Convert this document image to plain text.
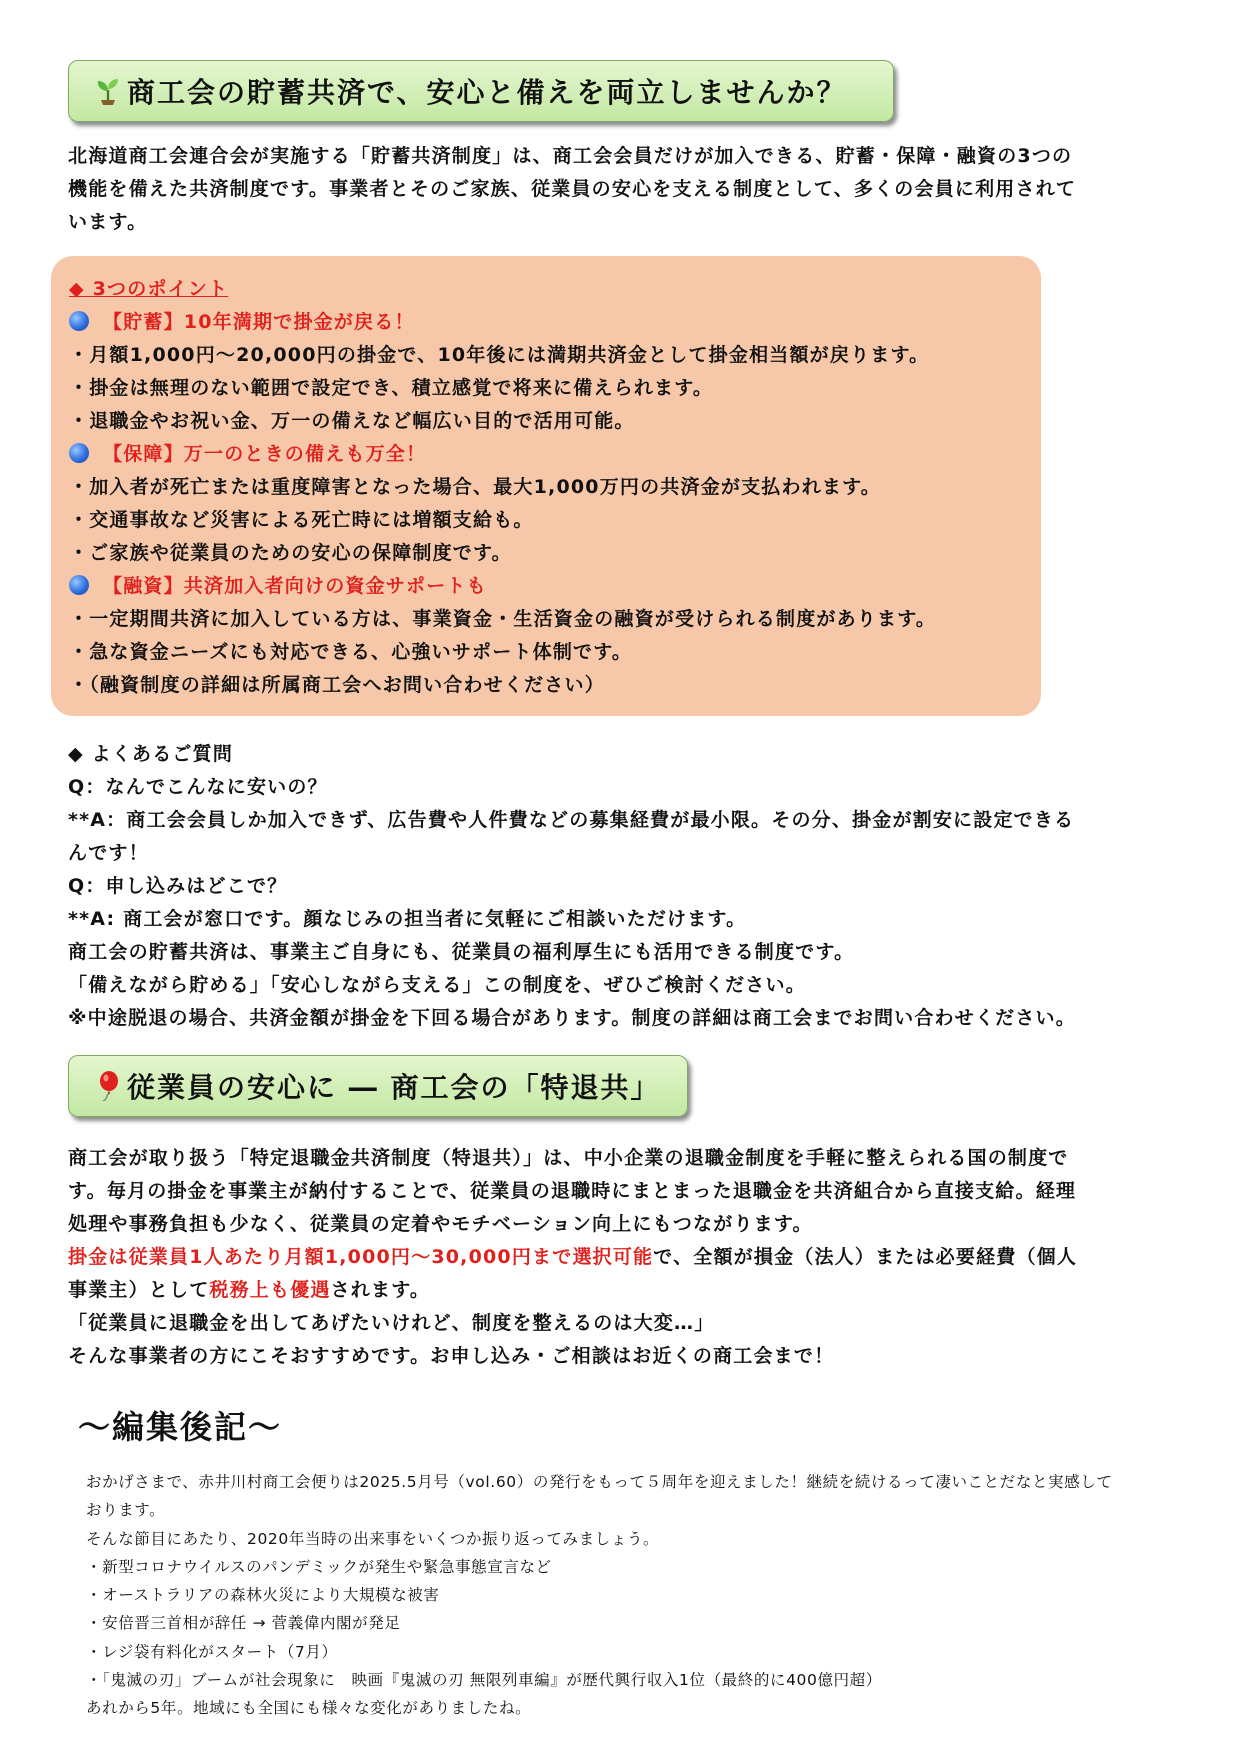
商工会の貯蓄共済で、安心と備えを両立しませんか？
北海道商工会連合会が実施する「貯蓄共済制度」は、商工会会員だけが加入できる、貯蓄・保障・融資の3つの
機能を備えた共済制度です。事業者とそのご家族、従業員の安心を支える制度として、多くの会員に利用されて
います。
◆ 3つのポイント
【貯蓄】10年満期で掛金が戻る！
・月額1,000円〜20,000円の掛金で、10年後には満期共済金として掛金相当額が戻ります。
・掛金は無理のない範囲で設定でき、積立感覚で将来に備えられます。
・退職金やお祝い金、万一の備えなど幅広い目的で活用可能。
【保障】万一のときの備えも万全！
・加入者が死亡または重度障害となった場合、最大1,000万円の共済金が支払われます。
・交通事故など災害による死亡時には増額支給も。
・ご家族や従業員のための安心の保障制度です。
【融資】共済加入者向けの資金サポートも
・一定期間共済に加入している方は、事業資金・生活資金の融資が受けられる制度があります。
・急な資金ニーズにも対応できる、心強いサポート体制です。
・（融資制度の詳細は所属商工会へお問い合わせください）
◆ よくあるご質問
Q：なんでこんなに安いの？
**A：商工会会員しか加入できず、広告費や人件費などの募集経費が最小限。その分、掛金が割安に設定できる
んです！
Q：申し込みはどこで？
**A: 商工会が窓口です。顔なじみの担当者に気軽にご相談いただけます。
商工会の貯蓄共済は、事業主ご自身にも、従業員の福利厚生にも活用できる制度です。
「備えながら貯める」「安心しながら支える」この制度を、ぜひご検討ください。
※中途脱退の場合、共済金額が掛金を下回る場合があります。制度の詳細は商工会までお問い合わせください。
従業員の安心に ― 商工会の「特退共」
商工会が取り扱う「特定退職金共済制度（特退共）」は、中小企業の退職金制度を手軽に整えられる国の制度で
す。毎月の掛金を事業主が納付することで、従業員の退職時にまとまった退職金を共済組合から直接支給。経理
処理や事務負担も少なく、従業員の定着やモチベーション向上にもつながります。
掛金は従業員1人あたり月額1,000円〜30,000円まで選択可能で、全額が損金（法人）または必要経費（個人
事業主）として税務上も優遇されます。
「従業員に退職金を出してあげたいけれど、制度を整えるのは大変…」
そんな事業者の方にこそおすすめです。お申し込み・ご相談はお近くの商工会まで！
～編集後記～
おかげさまで、赤井川村商工会便りは2025.5月号（vol.60）の発行をもって５周年を迎えました！継続を続けるって凄いことだなと実感して
おります。
そんな節目にあたり、2020年当時の出来事をいくつか振り返ってみましょう。
・新型コロナウイルスのパンデミックが発生や緊急事態宣言など
・オーストラリアの森林火災により大規模な被害
・安倍晋三首相が辞任 → 菅義偉内閣が発足
・レジ袋有料化がスタート（7月）
・「鬼滅の刃」ブームが社会現象に　映画『鬼滅の刃 無限列車編』が歴代興行収入1位（最終的に400億円超）
あれから5年。地域にも全国にも様々な変化がありましたね。
